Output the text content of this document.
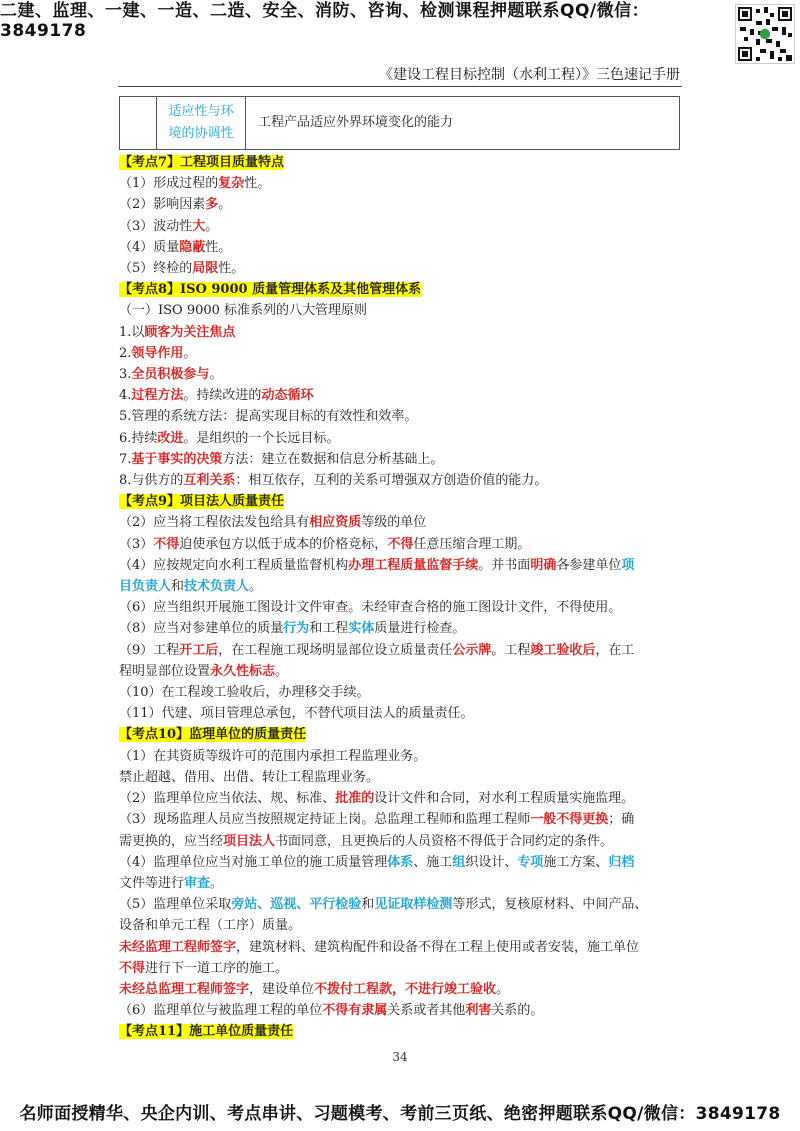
二建、监理、一建、一造、二造、安全、消防、咨询、检测课程押题联系QQ/微信：3849178
《建设工程目标控制（水利工程）》三色速记手册
	适应性与环
境的协调性	工程产品适应外界环境变化的能力

【考点7】工程项目质量特点

（1）形成过程的复杂性。

（2）影响因素多。

（3）波动性大。

（4）质量隐蔽性。

（5）终检的局限性。

【考点8】ISO 9000 质量管理体系及其他管理体系

（一）ISO 9000 标准系列的八大管理原则

1.以顾客为关注焦点

2.领导作用。

3.全员积极参与。

4.过程方法。持续改进的动态循环

5.管理的系统方法：提高实现目标的有效性和效率。

6.持续改进。是组织的一个长远目标。

7.基于事实的决策方法：建立在数据和信息分析基础上。

8.与供方的互利关系：相互依存，互利的关系可增强双方创造价值的能力。

【考点9】项目法人质量责任

（2）应当将工程依法发包给具有相应资质等级的单位

（3）不得迫使承包方以低于成本的价格竞标，不得任意压缩合理工期。

（4）应按规定向水利工程质量监督机构办理工程质量监督手续。并书面明确各参建单位项

目负责人和技术负责人。

（6）应当组织开展施工图设计文件审查。未经审查合格的施工图设计文件，不得使用。

（8）应当对参建单位的质量行为和工程实体质量进行检查。

（9）工程开工后，在工程施工现场明显部位设立质量责任公示牌。工程竣工验收后，在工

程明显部位设置永久性标志。

（10）在工程竣工验收后，办理移交手续。

（11）代建、项目管理总承包，不替代项目法人的质量责任。

【考点10】监理单位的质量责任

（1）在其资质等级许可的范围内承担工程监理业务。

禁止超越、借用、出借、转让工程监理业务。

（2）监理单位应当依法、规、标准、批准的设计文件和合同，对水利工程质量实施监理。

（3）现场监理人员应当按照规定持证上岗。总监理工程师和监理工程师一般不得更换；确

需更换的，应当经项目法人书面同意，且更换后的人员资格不得低于合同约定的条件。

（4）监理单位应当对施工单位的施工质量管理体系、施工组织设计、专项施工方案、归档

文件等进行审查。

（5）监理单位采取旁站、巡视、平行检验和见证取样检测等形式，复核原材料、中间产品、

设备和单元工程（工序）质量。

未经监理工程师签字，建筑材料、建筑构配件和设备不得在工程上使用或者安装，施工单位

不得进行下一道工序的施工。

未经总监理工程师签字，建设单位不拨付工程款，不进行竣工验收。

（6）监理单位与被监理工程的单位不得有隶属关系或者其他利害关系的。

【考点11】施工单位质量责任

34
名师面授精华、央企内训、考点串讲、习题模考、考前三页纸、绝密押题联系QQ/微信：3849178
